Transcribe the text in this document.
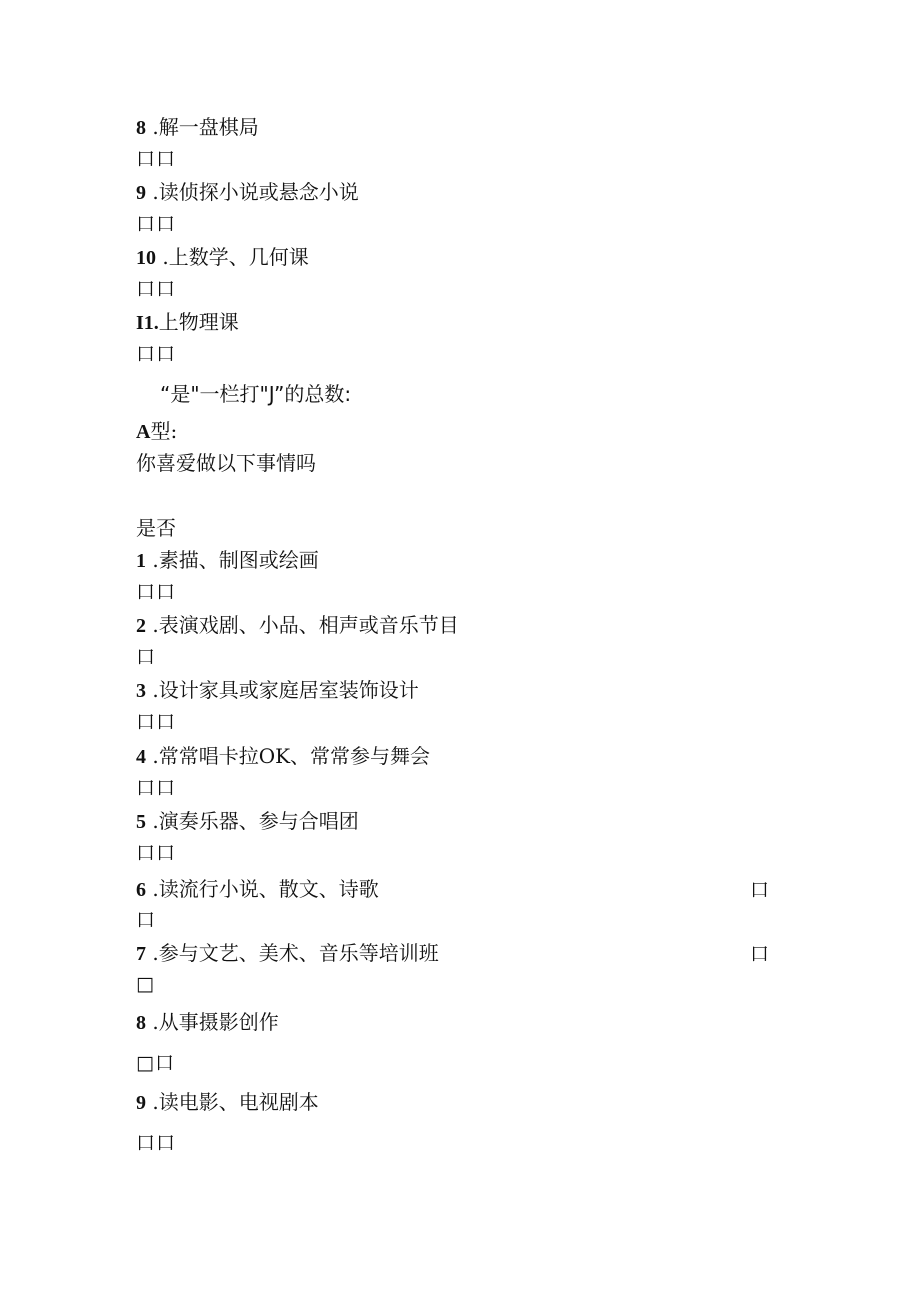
8 .解一盘棋局
口口
9 .读侦探小说或悬念小说
口口
10 .上数学、几何课
口口
I1.上物理课
口口
“是"一栏打"J”的总数:
A型:
你喜爱做以下事情吗
是否
1 .素描、制图或绘画
口口
2 .表演戏剧、小品、相声或音乐节目
口
3 .设计家具或家庭居室装饰设计
口口
4 .常常唱卡拉OK、常常参与舞会
口口
5 .演奏乐器、参与合唱团
口口
6 .读流行小说、散文、诗歌	口
口
7 .参与文艺、美术、音乐等培训班	口
□
8 .从事摄影创作
□口
9 .读电影、电视剧本
口口
